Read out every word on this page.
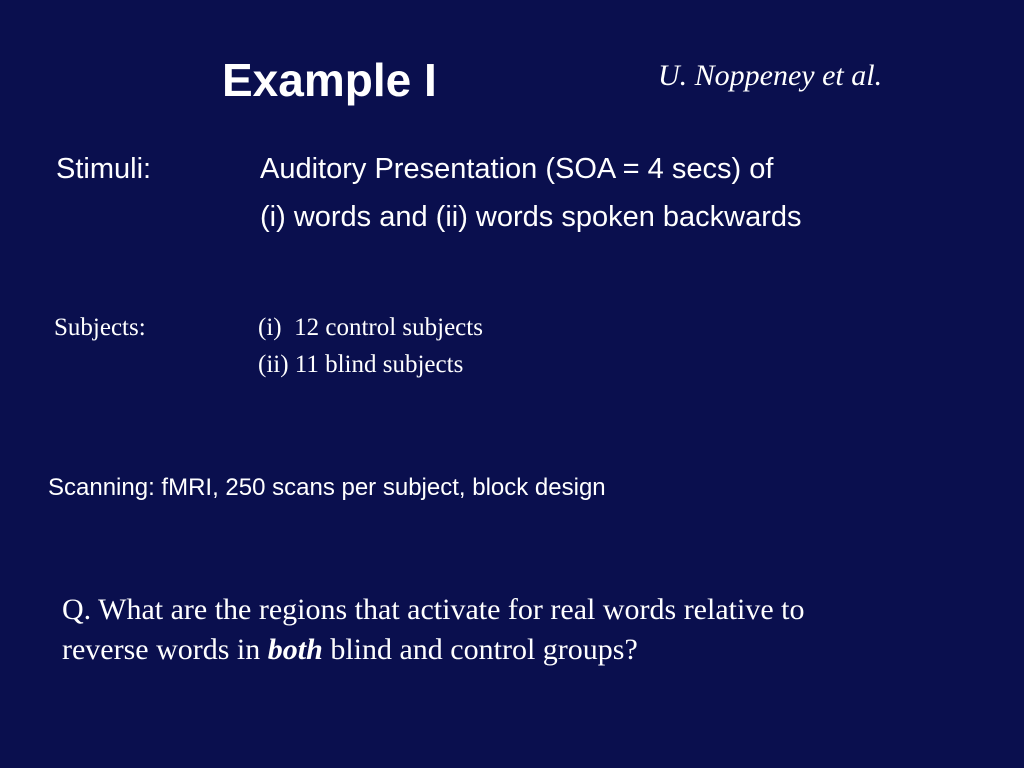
Example I	U. Noppeney et al.
Stimuli:	Auditory Presentation (SOA = 4 secs) of
(i) words and (ii) words spoken backwards
Subjects:	(i)  12 control subjects
(ii) 11 blind subjects
Scanning: fMRI, 250 scans per subject, block design
Q. What are the regions that activate for real words relative to
reverse words in both blind and control groups?
